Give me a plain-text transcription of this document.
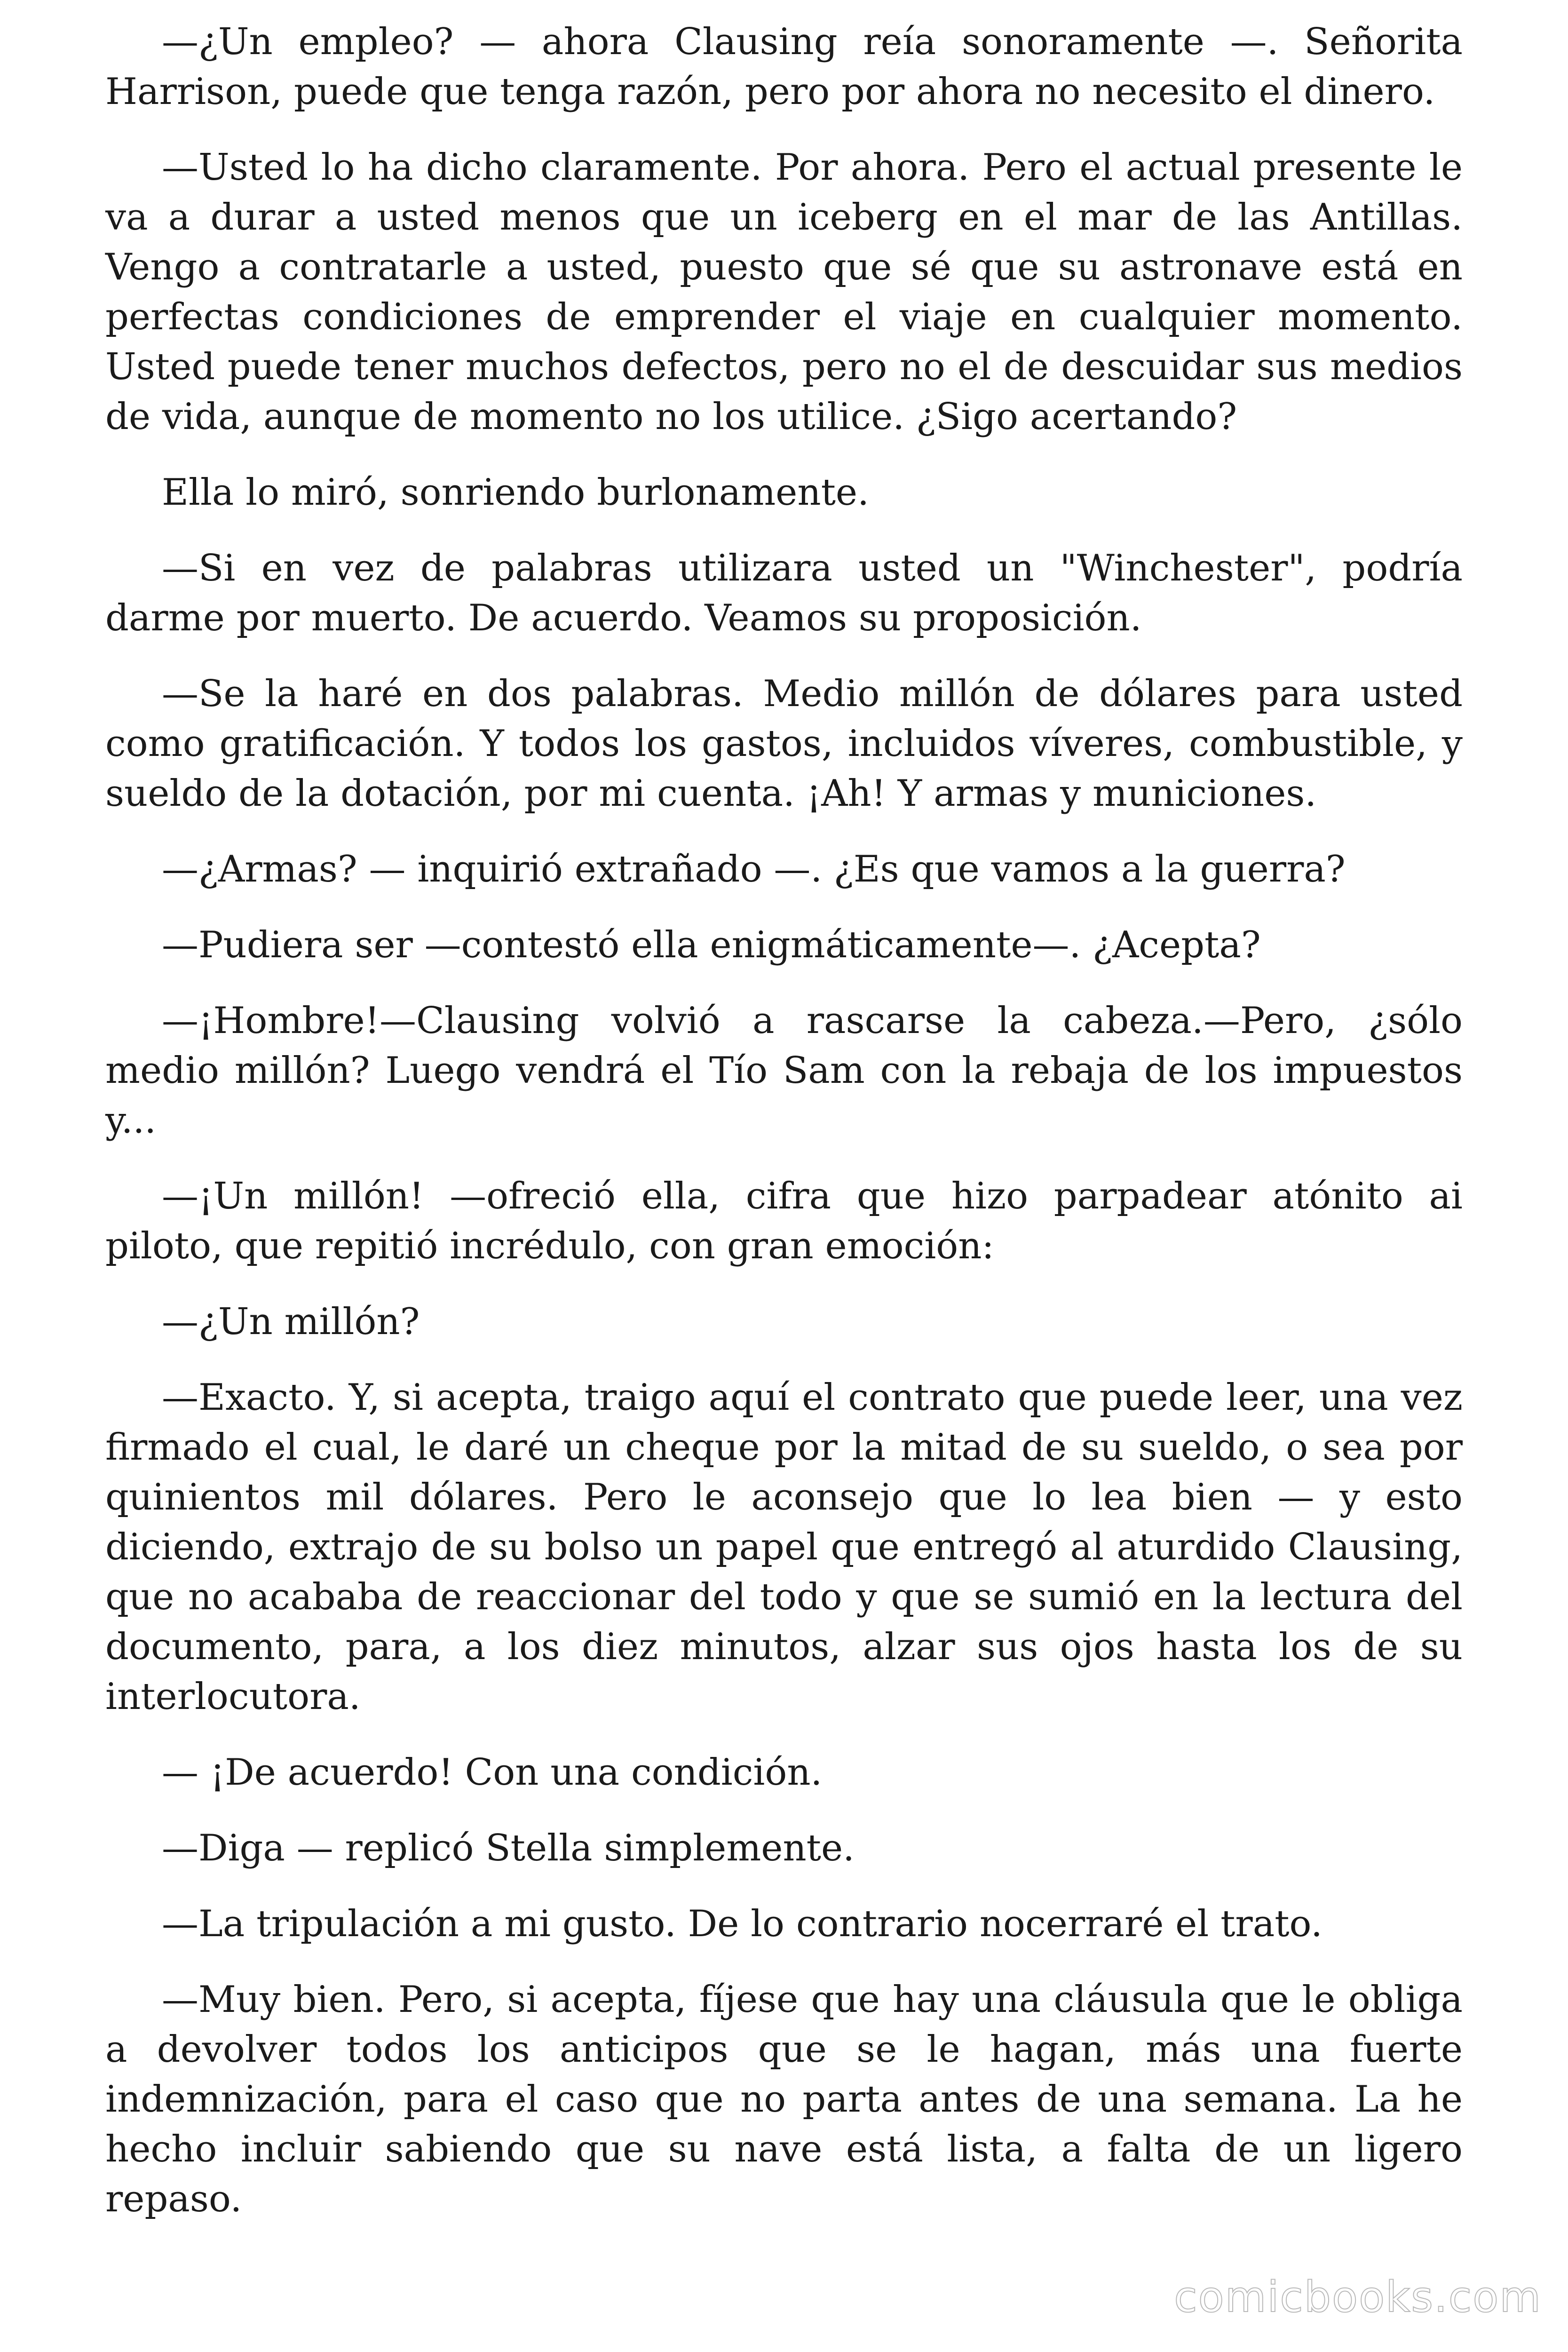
—¿Un empleo? — ahora Clausing reía sonoramente —. Señorita Harrison, puede que tenga razón, pero por ahora no necesito el dinero.

—Usted lo ha dicho claramente. Por ahora. Pero el actual presente le va a durar a usted menos que un iceberg en el mar de las Antillas. Vengo a contratarle a usted, puesto que sé que su astronave está en perfectas condiciones de emprender el viaje en cualquier momento. Usted puede tener muchos defectos, pero no el de descuidar sus medios de vida, aunque de momento no los utilice. ¿Sigo acertando?

Ella lo miró, sonriendo burlonamente.

—Si en vez de palabras utilizara usted un "Winchester", podría darme por muerto. De acuerdo. Veamos su proposición.

—Se la haré en dos palabras. Medio millón de dólares para usted como gratificación. Y todos los gastos, incluidos víveres, combustible, y sueldo de la dotación, por mi cuenta. ¡Ah! Y armas y municiones.

—¿Armas? — inquirió extrañado —. ¿Es que vamos a la guerra?

—Pudiera ser —contestó ella enigmáticamente—. ¿Acepta?

—¡Hombre!—Clausing volvió a rascarse la cabeza.—Pero, ¿sólo medio millón? Luego vendrá el Tío Sam con la rebaja de los impuestos y...

—¡Un millón! —ofreció ella, cifra que hizo parpadear atónito ai piloto, que repitió incrédulo, con gran emoción:

—¿Un millón?

—Exacto. Y, si acepta, traigo aquí el contrato que puede leer, una vez firmado el cual, le daré un cheque por la mitad de su sueldo, o sea por quinientos mil dólares. Pero le aconsejo que lo lea bien — y esto diciendo, extrajo de su bolso un papel que entregó al aturdido Clausing, que no acababa de reaccionar del todo y que se sumió en la lectura del documento, para, a los diez minutos, alzar sus ojos hasta los de su interlocutora.

— ¡De acuerdo! Con una condición.

—Diga — replicó Stella simplemente.

—La tripulación a mi gusto. De lo contrario nocerraré el trato.

—Muy bien. Pero, si acepta, fíjese que hay una cláusula que le obliga a devolver todos los anticipos que se le hagan, más una fuerte indemnización, para el caso que no parta antes de una semana. La he hecho incluir sabiendo que su nave está lista, a falta de un ligero repaso.

comicbooks.com
